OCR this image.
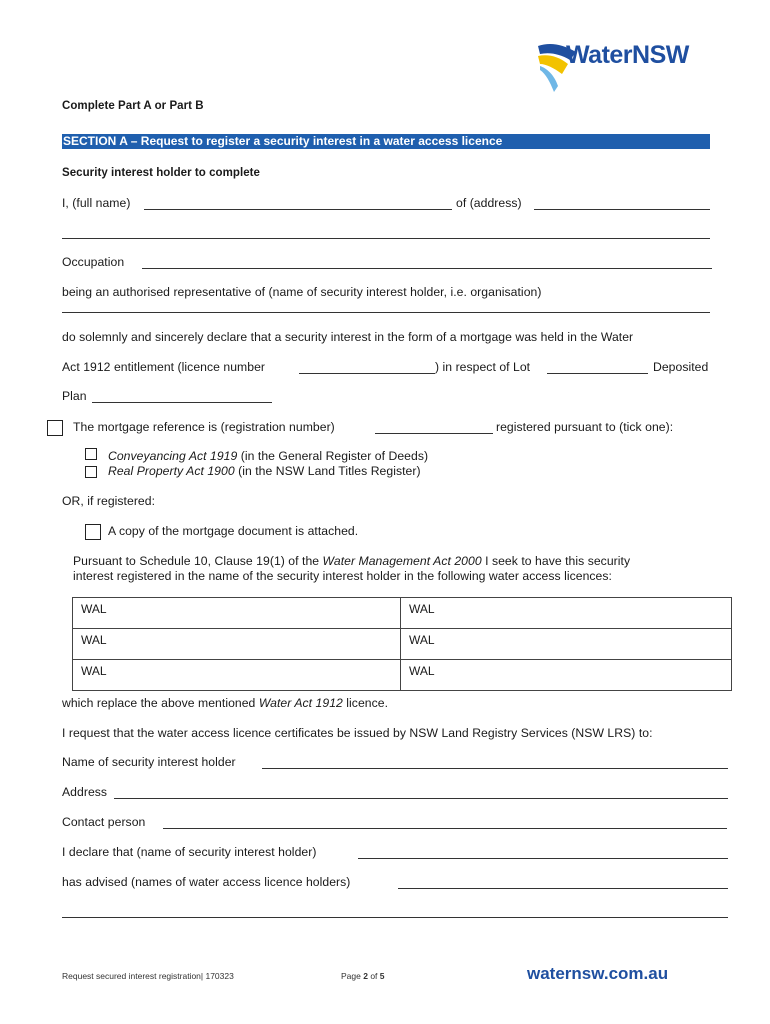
WaterNSW
Complete Part A or Part B
SECTION A – Request to register a security interest in a water access licence
Security interest holder to complete
I, (full name)	of (address)
Occupation
being an authorised representative of (name of security interest holder, i.e. organisation)
do solemnly and sincerely declare that a security interest in the form of a mortgage was held in the Water
Act 1912 entitlement (licence number	) in respect of Lot	Deposited
Plan
The mortgage reference is (registration number)	registered pursuant to (tick one):
Conveyancing Act 1919 (in the General Register of Deeds)
Real Property Act 1900 (in the NSW Land Titles Register)
OR, if registered:
A copy of the mortgage document is attached.
Pursuant to Schedule 10, Clause 19(1) of the Water Management Act 2000 I seek to have this security
interest registered in the name of the security interest holder in the following water access licences:
WAL	WAL
WAL	WAL
WAL	WAL
which replace the above mentioned Water Act 1912 licence.
I request that the water access licence certificates be issued by NSW Land Registry Services (NSW LRS) to:
Name of security interest holder
Address
Contact person
I declare that (name of security interest holder)
has advised (names of water access licence holders)
Request secured interest registration| 170323	Page 2 of 5	waternsw.com.au
